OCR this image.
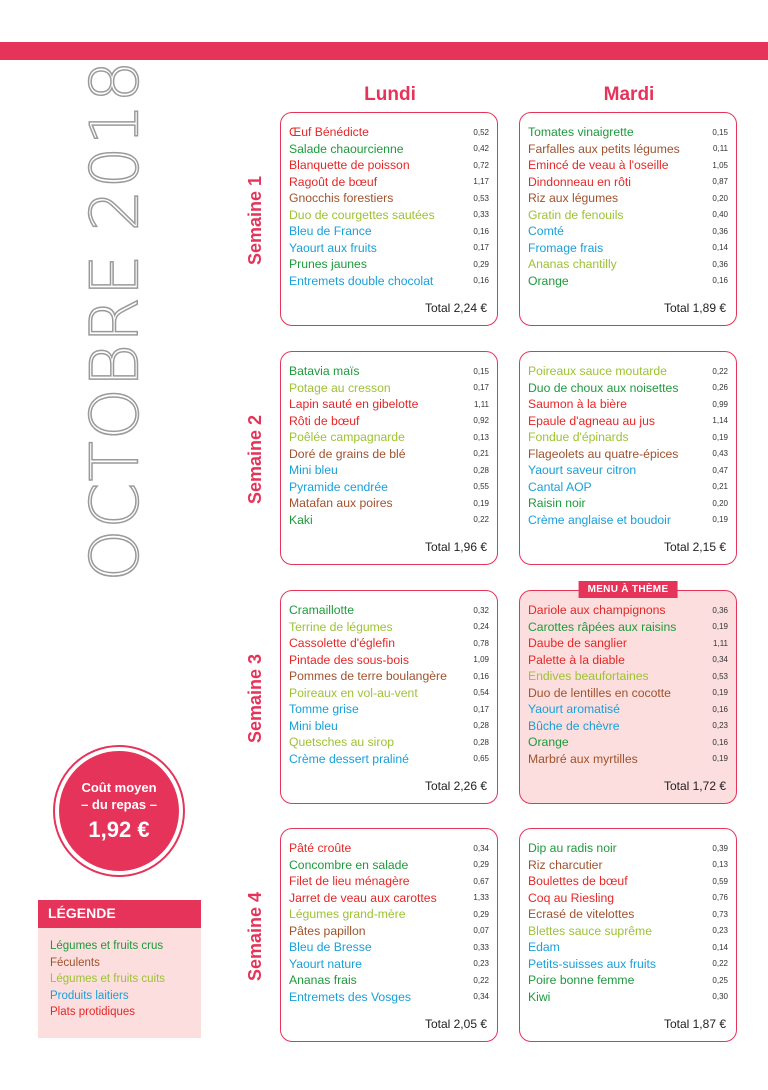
OCTOBRE 2018	Lundi	Mardi
Semaine 1
Œuf Bénédicte	0,52
Salade chaourcienne	0,42
Blanquette de poisson	0,72
Ragoût de bœuf	1,17
Gnocchis forestiers	0,53
Duo de courgettes sautées	0,33
Bleu de France	0,16
Yaourt aux fruits	0,17
Prunes jaunes	0,29
Entremets double chocolat	0,16
Total 2,24 €
Tomates vinaigrette	0,15
Farfalles aux petits légumes	0,11
Emincé de veau à l'oseille	1,05
Dindonneau en rôti	0,87
Riz aux légumes	0,20
Gratin de fenouils	0,40
Comté	0,36
Fromage frais	0,14
Ananas chantilly	0,36
Orange	0,16
Total 1,89 €
Semaine 2
Batavia maïs	0,15
Potage au cresson	0,17
Lapin sauté en gibelotte	1,11
Rôti de bœuf	0,92
Poêlée campagnarde	0,13
Doré de grains de blé	0,21
Mini bleu	0,28
Pyramide cendrée	0,55
Matafan aux poires	0,19
Kaki	0,22
Total 1,96 €
Poireaux sauce moutarde	0,22
Duo de choux aux noisettes	0,26
Saumon à la bière	0,99
Epaule d'agneau au jus	1,14
Fondue d'épinards	0,19
Flageolets au quatre-épices	0,43
Yaourt saveur citron	0,47
Cantal AOP	0,21
Raisin noir	0,20
Crème anglaise et boudoir	0,19
Total 2,15 €
Semaine 3
Cramaillotte	0,32
Terrine de légumes	0,24
Cassolette d'églefin	0,78
Pintade des sous-bois	1,09
Pommes de terre boulangère	0,16
Poireaux en vol-au-vent	0,54
Tomme grise	0,17
Mini bleu	0,28
Quetsches au sirop	0,28
Crème dessert praliné	0,65
Total 2,26 €
MENU À THÈME
Dariole aux champignons	0,36
Carottes râpées aux raisins	0,19
Daube de sanglier	1,11
Palette à la diable	0,34
Endives beaufortaines	0,53
Duo de lentilles en cocotte	0,19
Yaourt aromatisé	0,16
Bûche de chèvre	0,23
Orange	0,16
Marbré aux myrtilles	0,19
Total 1,72 €
Semaine 4
Pâté croûte	0,34
Concombre en salade	0,29
Filet de lieu ménagère	0,67
Jarret de veau aux carottes	1,33
Légumes grand-mère	0,29
Pâtes papillon	0,07
Bleu de Bresse	0,33
Yaourt nature	0,23
Ananas frais	0,22
Entremets des Vosges	0,34
Total 2,05 €
Dip au radis noir	0,39
Riz charcutier	0,13
Boulettes de bœuf	0,59
Coq au Riesling	0,76
Ecrasé de vitelottes	0,73
Blettes sauce suprême	0,23
Edam	0,14
Petits-suisses aux fruits	0,22
Poire bonne femme	0,25
Kiwi	0,30
Total 1,87 €
Coût moyen
– du repas –
1,92 €
LÉGENDE
Légumes et fruits crus
Féculents
Légumes et fruits cuits
Produits laitiers
Plats protidiques
